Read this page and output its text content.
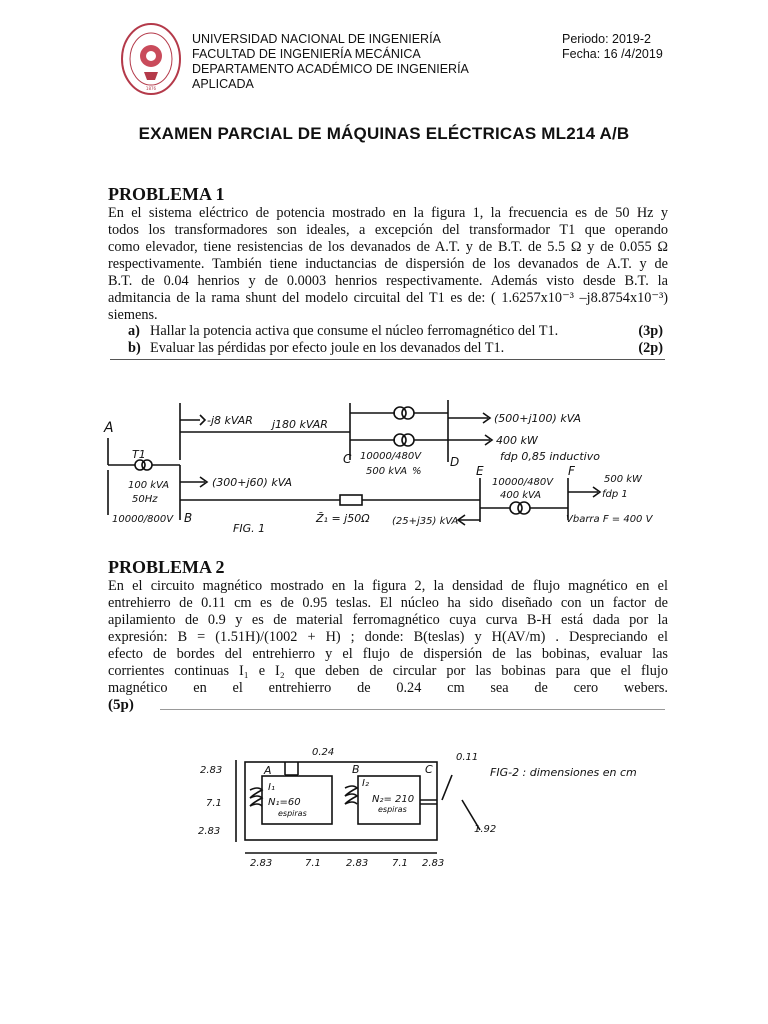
1876
UNIVERSIDAD NACIONAL DE INGENIERÍA
FACULTAD DE INGENIERÍA MECÁNICA
DEPARTAMENTO ACADÉMICO DE INGENIERÍA
APLICADA
Periodo: 2019-2
Fecha: 16 /4/2019
EXAMEN PARCIAL DE MÁQUINAS ELÉCTRICAS ML214 A/B
PROBLEMA 1
En el sistema eléctrico de potencia mostrado en la figura 1, la frecuencia es de 50 Hz y
todos los transformadores son ideales, a excepción del transformador T1 que operando
como elevador, tiene resistencias de los devanados de A.T. y de B.T. de 5.5 Ω y de 0.055 Ω
respectivamente. También tiene inductancias de dispersión de los devanados de A.T. y de
B.T. de 0.04 henrios y de 0.0003 henrios respectivamente. Además visto desde B.T. la
admitancia de la rama shunt del modelo circuital del T1 es de: ( 1.6257x10⁻³ –j8.8754x10⁻³)
siemens.
a) Hallar la potencia activa que consume el núcleo ferromagnético del T1.	(3p)
b) Evaluar las pérdidas por efecto joule en los devanados del T1.	(2p)
A	-j8 kVAR j180 kVAR	(500+j100) kVA
400 kW
fdp 0,85 inductivo
T1
100 kVA
50Hz
10000/800V B
(300+j60) kVA
C 10000/480V
500 kVA %
D
E
10000/480V
400 kVA
F
500 kW
fdp 1
Z̄₁ = j50Ω (25+j35) kVA
FIG. 1
Vbarra F = 400 V
PROBLEMA 2
En el circuito magnético mostrado en la figura 2, la densidad de flujo magnético en el
entrehierro de 0.11 cm es de 0.95 teslas. El núcleo ha sido diseñado con un factor de
apilamiento de 0.9 y es de material ferromagnético cuya curva B-H está dada por la
expresión: B = (1.51H)/(1002 + H) ; donde: B(teslas) y H(AV/m) . Despreciando el
efecto de bordes del entrehierro y el flujo de dispersión de las bobinas, evaluar las
corrientes continuas I₁ e I₂ que deben de circular por las bobinas para que el flujo
magnético en el entrehierro de 0.24 cm sea de cero webers.
(5p)
0.24	0.11
FIG-2 : dimensiones en cm
A	B	C
I₁	I₂
N₁=60
espiras
N₂= 210
espiras
2.83
7.1
2.83	1.92
2.83	7.1	2.83 7.1 2.83
